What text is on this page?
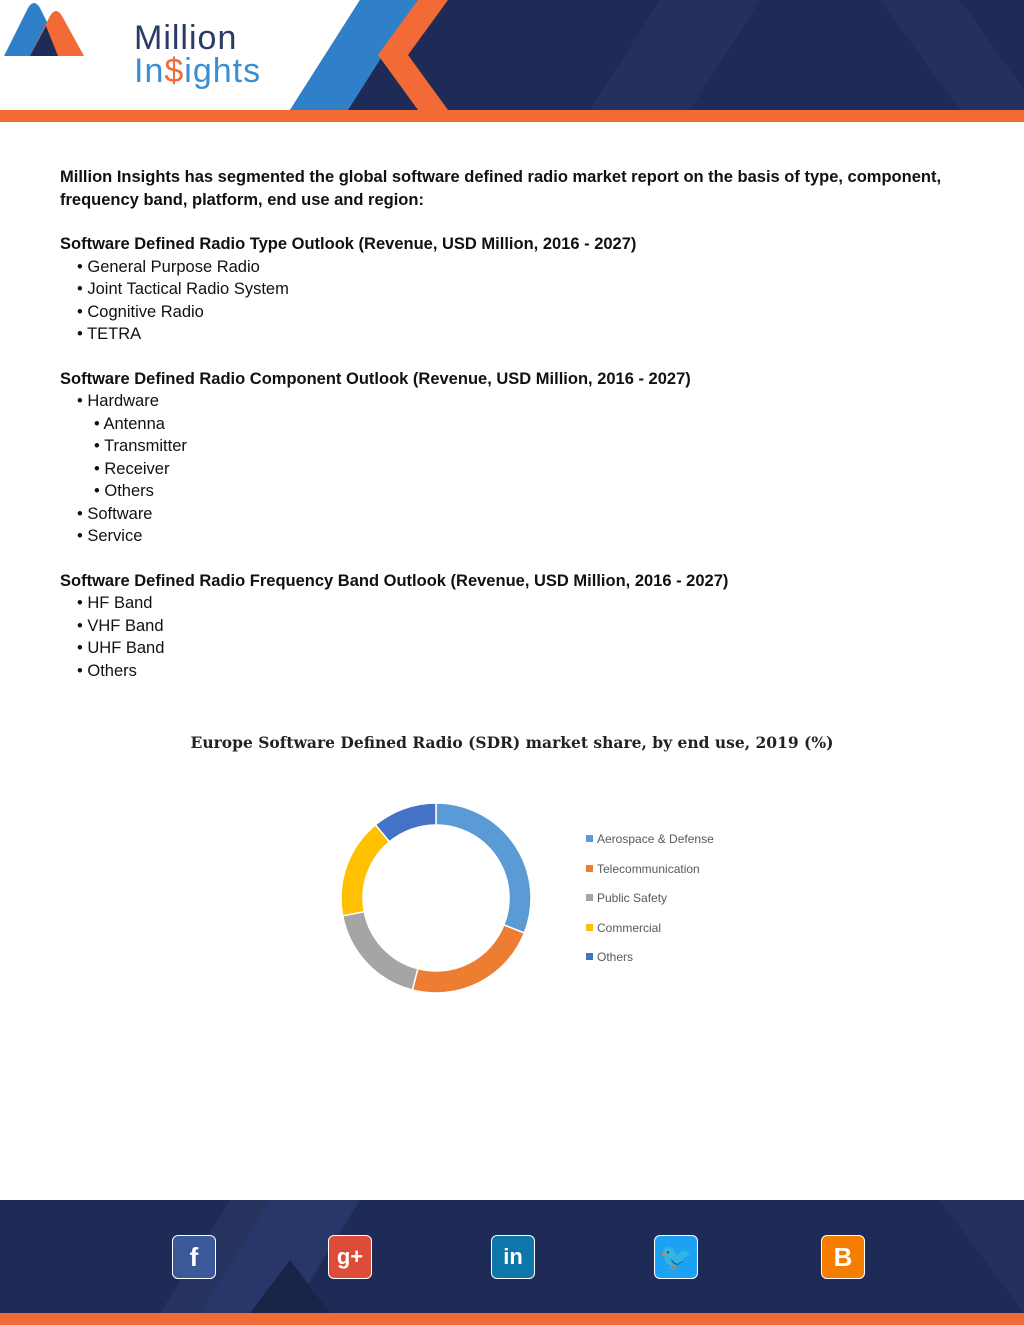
Million
In$ights

Million Insights has segmented the global software defined radio market report on the basis of type, component, frequency band, platform, end use and region:

Software Defined Radio Type Outlook (Revenue, USD Million, 2016 - 2027)
• General Purpose Radio
• Joint Tactical Radio System
• Cognitive Radio
• TETRA
Software Defined Radio Component Outlook (Revenue, USD Million, 2016 - 2027)
• Hardware
• Antenna
• Transmitter
• Receiver
• Others
• Software
• Service
Software Defined Radio Frequency Band Outlook (Revenue, USD Million, 2016 - 2027)
• HF Band
• VHF Band
• UHF Band
• Others
Europe Software Defined Radio (SDR) market share, by end use, 2019 (%)
Aerospace & Defense
Telecommunication
Public Safety
Commercial
Others
f	g+	in	🐦	B
